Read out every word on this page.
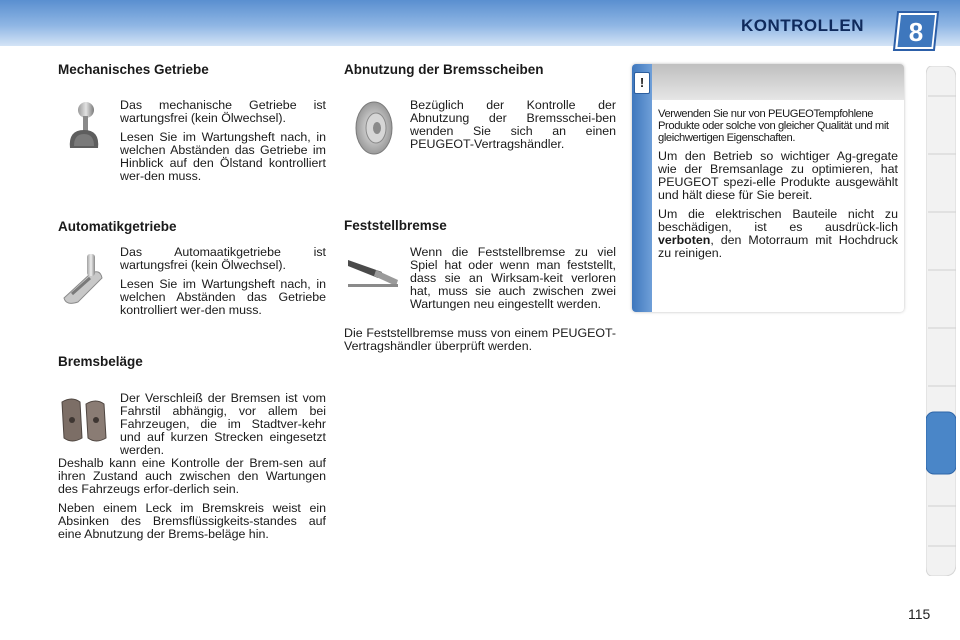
KONTROLLEN 8
Mechanisches Getriebe

Das mechanische Getriebe ist wartungsfrei (kein Ölwechsel).

Lesen Sie im Wartungsheft nach, in welchen Abständen das Getriebe im Hinblick auf den Ölstand kontrolliert wer-den muss.

Automatikgetriebe

Das Automaatikgetriebe ist wartungsfrei (kein Ölwechsel).

Lesen Sie im Wartungsheft nach, in welchen Abständen das Getriebe kontrolliert wer-den muss.

Bremsbeläge

Der Verschleiß der Bremsen ist vom Fahrstil abhängig, vor allem bei Fahrzeugen, die im Stadtver-kehr und auf kurzen Strecken eingesetzt werden.

Deshalb kann eine Kontrolle der Brem-sen auf ihren Zustand auch zwischen den Wartungen des Fahrzeugs erfor-derlich sein.

Neben einem Leck im Bremskreis weist ein Absinken des Bremsflüssigkeits-standes auf eine Abnutzung der Brems-beläge hin.

Abnutzung der Bremsscheiben

Bezüglich der Kontrolle der Abnutzung der Bremsschei-ben wenden Sie sich an einen PEUGEOT-Vertragshändler.

Feststellbremse

Wenn die Feststellbremse zu viel Spiel hat oder wenn man feststellt, dass sie an Wirksam-keit verloren hat, muss sie auch zwischen zwei Wartungen neu eingestellt werden.

Die Feststellbremse muss von einem PEUGEOT-Vertragshändler überprüft werden.

!

Verwenden Sie nur von PEUGEOTempfohlene Produkte oder solche von gleicher Qualität und mit gleichwertigen Eigenschaften.

Um den Betrieb so wichtiger Ag-gregate wie der Bremsanlage zu optimieren, hat PEUGEOT spezi-elle Produkte ausgewählt und hält diese für Sie bereit.

Um die elektrischen Bauteile nicht zu beschädigen, ist es ausdrück-lich verboten, den Motorraum mit Hochdruck zu reinigen.

115
